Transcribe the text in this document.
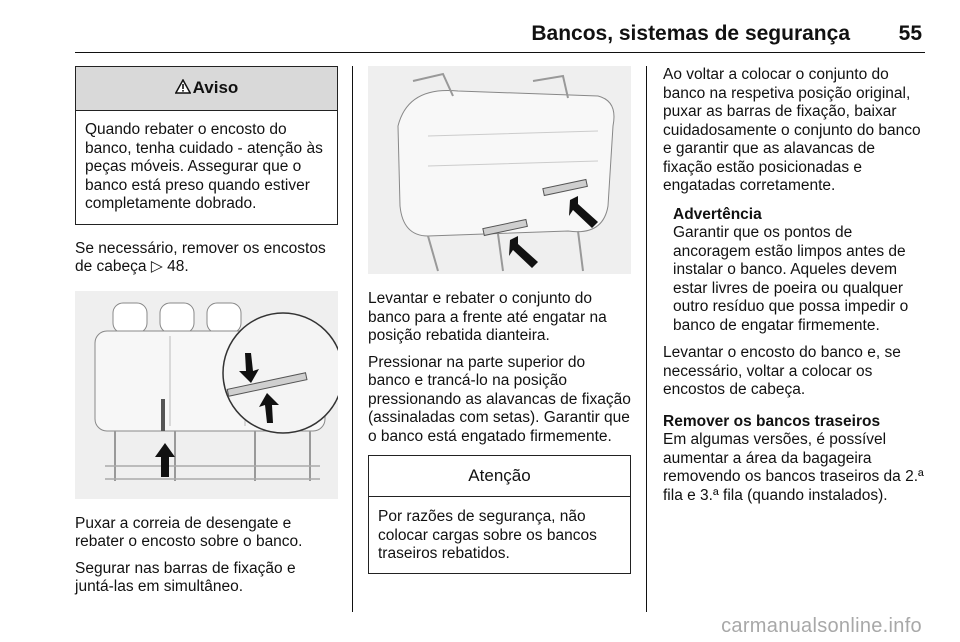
Bancos, sistemas de segurança 55
Aviso
Quando rebater o encosto do banco, tenha cuidado - atenção às peças móveis. Assegurar que o banco está preso quando estiver completamente dobrado.

Se necessário, remover os encostos de cabeça ▷ 48.

Puxar a correia de desengate e rebater o encosto sobre o banco.

Segurar nas barras de fixação e juntá-las em simultâneo.

Levantar e rebater o conjunto do banco para a frente até engatar na posição rebatida dianteira.

Pressionar na parte superior do banco e trancá-lo na posição pressionando as alavancas de fixação (assinaladas com setas). Garantir que o banco está engatado firmemente.

Atenção
Por razões de segurança, não colocar cargas sobre os bancos traseiros rebatidos.

Ao voltar a colocar o conjunto do banco na respetiva posição original, puxar as barras de fixação, baixar cuidadosamente o conjunto do banco e garantir que as alavancas de fixação estão posicionadas e engatadas corretamente.

Advertência

Garantir que os pontos de ancoragem estão limpos antes de instalar o banco. Aqueles devem estar livres de poeira ou qualquer outro resíduo que possa impedir o banco de engatar firmemente.

Levantar o encosto do banco e, se necessário, voltar a colocar os encostos de cabeça.

Remover os bancos traseiros

Em algumas versões, é possível aumentar a área da bagageira removendo os bancos traseiros da 2.ª fila e 3.ª fila (quando instalados).

carmanualsonline.info
